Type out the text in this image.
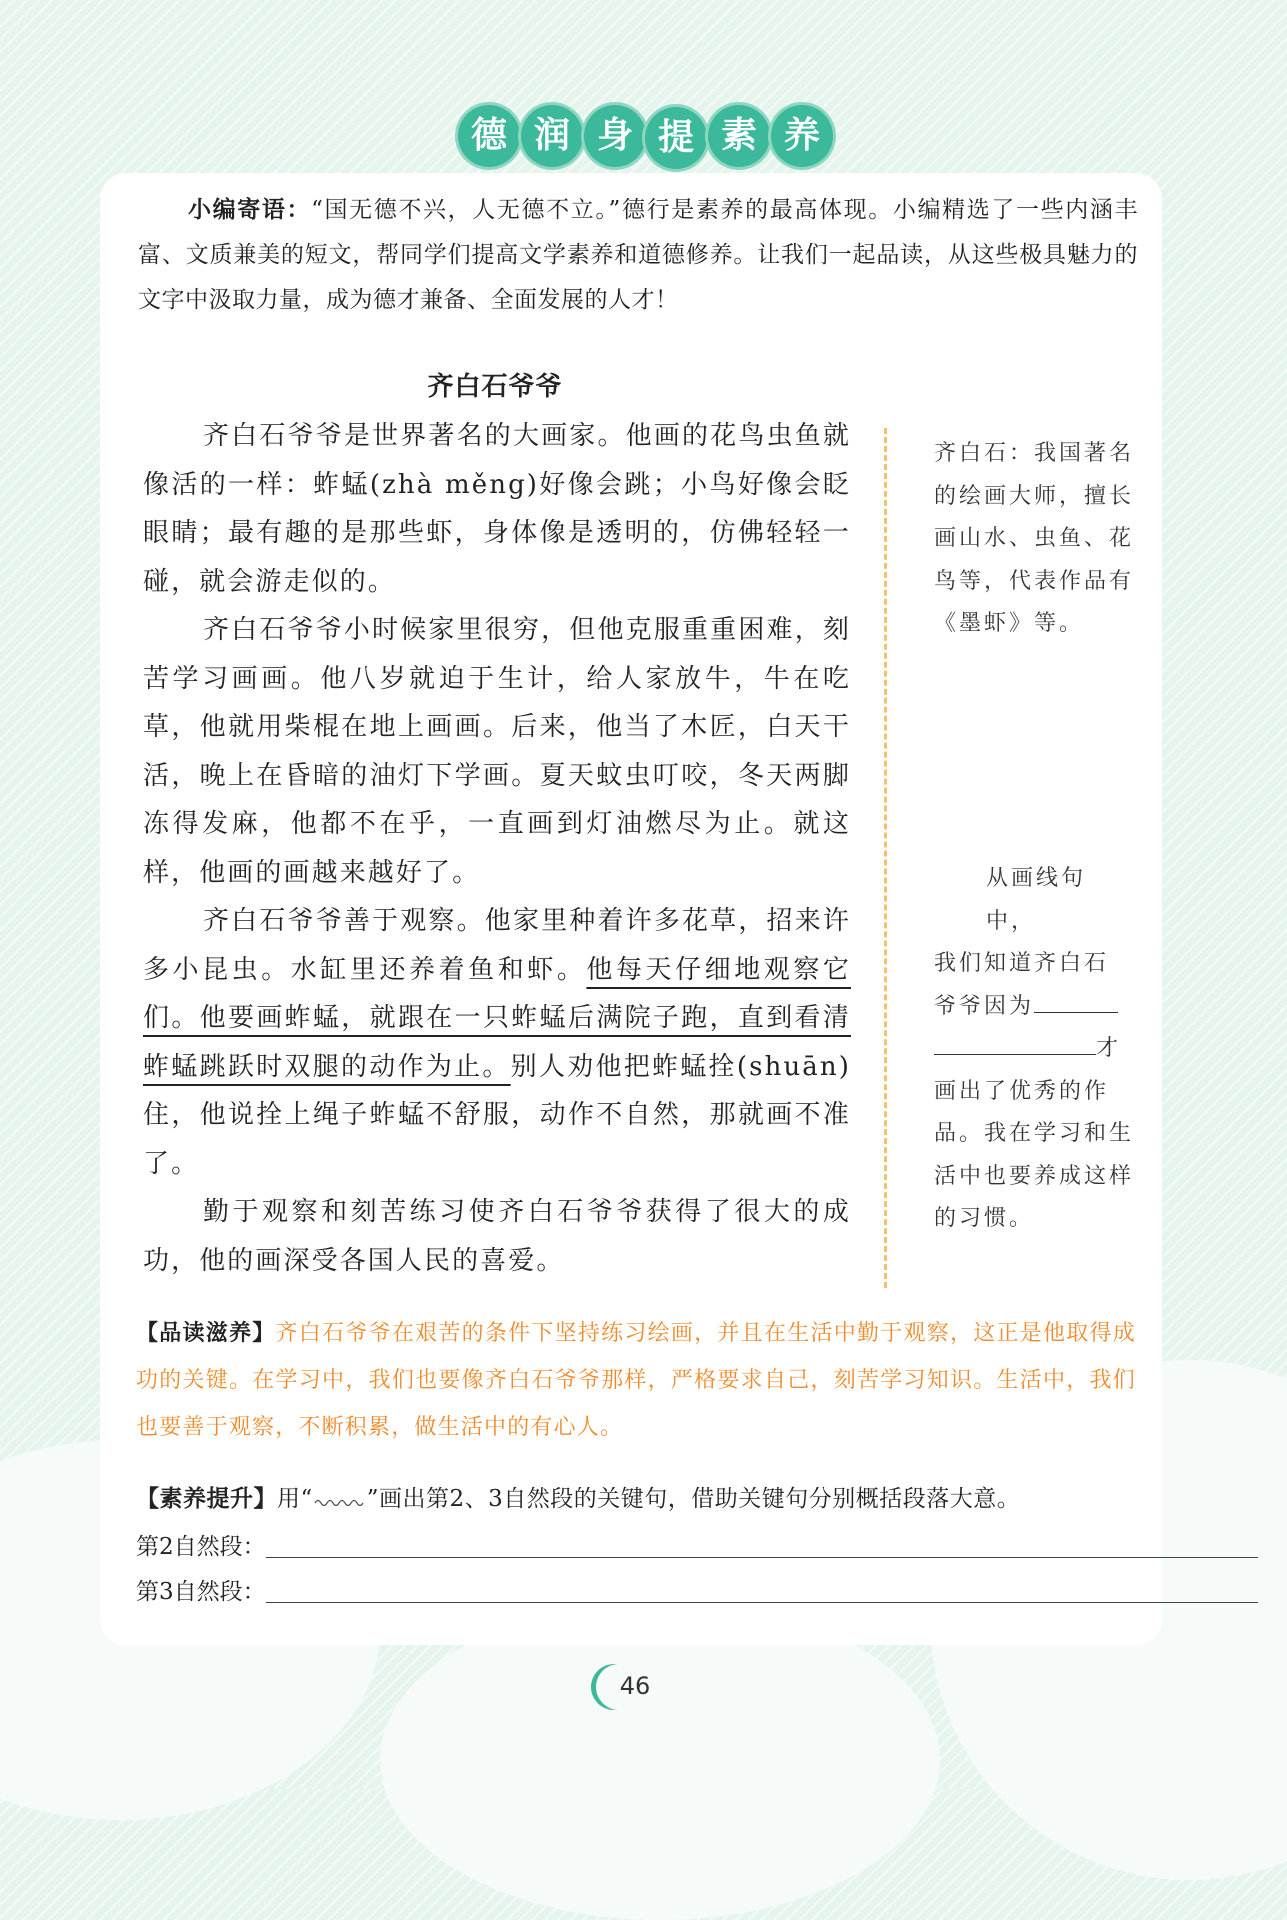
德 润 身 提 素 养
小编寄语：“国无德不兴，人无德不立。”德行是素养的最高体现。小编精选了一些内涵丰富、文质兼美的短文，帮同学们提高文学素养和道德修养。让我们一起品读，从这些极具魅力的文字中汲取力量，成为德才兼备、全面发展的人才！
齐白石爷爷

齐白石爷爷是世界著名的大画家。他画的花鸟虫鱼就像活的一样：蚱蜢(zhà měng)好像会跳；小鸟好像会眨眼睛；最有趣的是那些虾，身体像是透明的，仿佛轻轻一碰，就会游走似的。

齐白石爷爷小时候家里很穷，但他克服重重困难，刻苦学习画画。他八岁就迫于生计，给人家放牛，牛在吃草，他就用柴棍在地上画画。后来，他当了木匠，白天干活，晚上在昏暗的油灯下学画。夏天蚊虫叮咬，冬天两脚冻得发麻，他都不在乎，一直画到灯油燃尽为止。就这样，他画的画越来越好了。

齐白石爷爷善于观察。他家里种着许多花草，招来许多小昆虫。水缸里还养着鱼和虾。他每天仔细地观察它们。他要画蚱蜢，就跟在一只蚱蜢后满院子跑，直到看清蚱蜢跳跃时双腿的动作为止。别人劝他把蚱蜢拴(shuān)住，他说拴上绳子蚱蜢不舒服，动作不自然，那就画不准了。

勤于观察和刻苦练习使齐白石爷爷获得了很大的成功，他的画深受各国人民的喜爱。

齐白石：我国著名的绘画大师，擅长画山水、虫鱼、花鸟等，代表作品有《墨虾》等。
从画线句中，
我们知道齐白石
爷爷因为
才
画出了优秀的作品。我在学习和生活中也要养成这样的习惯。
【品读滋养】齐白石爷爷在艰苦的条件下坚持练习绘画，并且在生活中勤于观察，这正是他取得成功的关键。在学习中，我们也要像齐白石爷爷那样，严格要求自己，刻苦学习知识。生活中，我们也要善于观察，不断积累，做生活中的有心人。
【素养提升】用“ ”画出第2、3自然段的关键句，借助关键句分别概括段落大意。
第2自然段：
第3自然段：
46
